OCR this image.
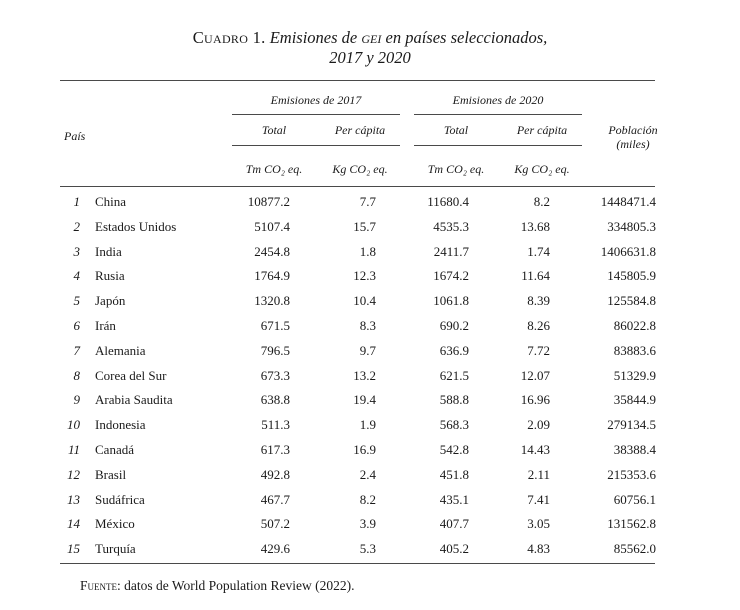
Cuadro 1. Emisiones de gei en países seleccionados,
2017 y 2020
País
Emisiones de 2017	Emisiones de 2020
Total	Per cápita	Total	Per cápita
Tm CO₂ eq.	Kg CO₂ eq.	Tm CO₂ eq.	Kg CO₂ eq.
Población
(miles)
1 China	10877.2	7.7	11680.4	8.2	1448471.4
2 Estados Unidos	5107.4	15.7	4535.3	13.68	334805.3
3 India	2454.8	1.8	2411.7	1.74	1406631.8
4 Rusia	1764.9	12.3	1674.2	11.64	145805.9
5 Japón	1320.8	10.4	1061.8	8.39	125584.8
6 Irán	671.5	8.3	690.2	8.26	86022.8
7 Alemania	796.5	9.7	636.9	7.72	83883.6
8 Corea del Sur	673.3	13.2	621.5	12.07	51329.9
9 Arabia Saudita	638.8	19.4	588.8	16.96	35844.9
10 Indonesia	511.3	1.9	568.3	2.09	279134.5
11 Canadá	617.3	16.9	542.8	14.43	38388.4
12 Brasil	492.8	2.4	451.8	2.11	215353.6
13 Sudáfrica	467.7	8.2	435.1	7.41	60756.1
14 México	507.2	3.9	407.7	3.05	131562.8
15 Turquía	429.6	5.3	405.2	4.83	85562.0
Fuente: datos de World Population Review (2022).
